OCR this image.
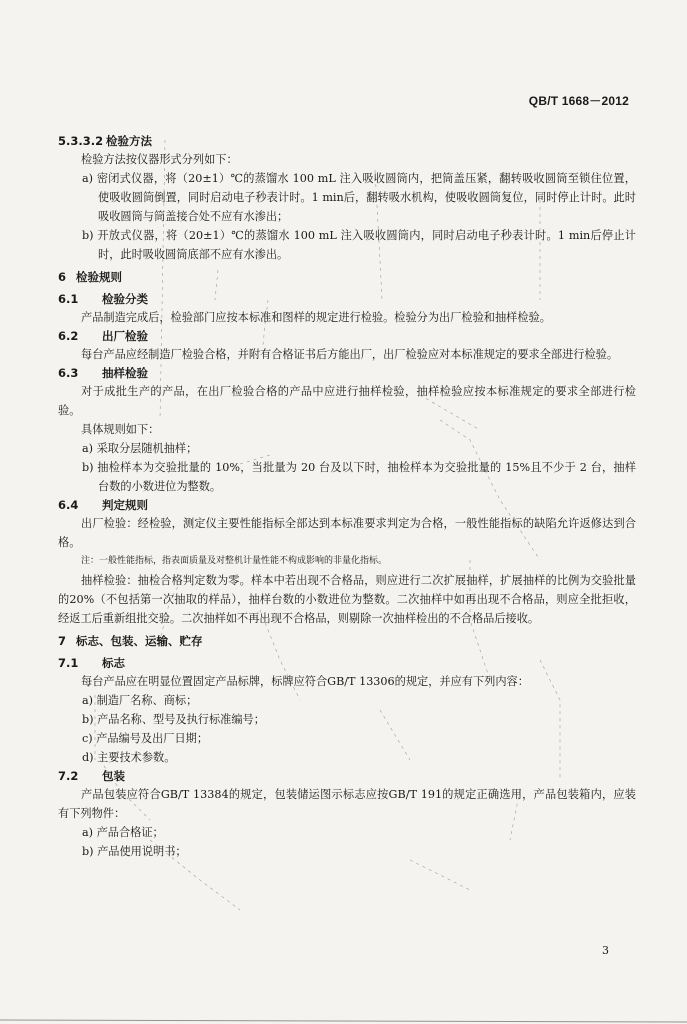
QB/T 1668－2012

5.3.3.2 检验方法

检验方法按仪器形式分列如下：

a) 密闭式仪器，将（20±1）℃的蒸馏水 100 mL 注入吸收圆筒内，把筒盖压紧，翻转吸收圆筒至锁住位置，使吸收圆筒倒置，同时启动电子秒表计时。1 min后，翻转吸水机构，使吸收圆筒复位，同时停止计时。此时吸收圆筒与筒盖接合处不应有水渗出；

b) 开放式仪器，将（20±1）℃的蒸馏水 100 mL 注入吸收圆筒内，同时启动电子秒表计时。1 min后停止计时，此时吸收圆筒底部不应有水渗出。

6 检验规则

6.1 检验分类

产品制造完成后，检验部门应按本标准和图样的规定进行检验。检验分为出厂检验和抽样检验。

6.2 出厂检验

每台产品应经制造厂检验合格，并附有合格证书后方能出厂，出厂检验应对本标准规定的要求全部进行检验。

6.3 抽样检验

对于成批生产的产品，在出厂检验合格的产品中应进行抽样检验，抽样检验应按本标准规定的要求全部进行检验。

具体规则如下：

a) 采取分层随机抽样；

b) 抽检样本为交验批量的 10%，当批量为 20 台及以下时，抽检样本为交验批量的 15%且不少于 2 台，抽样台数的小数进位为整数。

6.4 判定规则

出厂检验：经检验，测定仪主要性能指标全部达到本标准要求判定为合格，一般性能指标的缺陷允许返修达到合格。

注：一般性能指标，指表面质量及对整机计量性能不构成影响的非量化指标。

抽样检验：抽检合格判定数为零。样本中若出现不合格品，则应进行二次扩展抽样，扩展抽样的比例为交验批量的20%（不包括第一次抽取的样品），抽样台数的小数进位为整数。二次抽样中如再出现不合格品，则应全批拒收，经返工后重新组批交验。二次抽样如不再出现不合格品，则剔除一次抽样检出的不合格品后接收。

7 标志、包装、运输、贮存

7.1 标志

每台产品应在明显位置固定产品标牌，标牌应符合GB/T 13306的规定，并应有下列内容：

a) 制造厂名称、商标；

b) 产品名称、型号及执行标准编号；

c) 产品编号及出厂日期；

d) 主要技术参数。

7.2 包装

产品包装应符合GB/T 13384的规定，包装储运图示标志应按GB/T 191的规定正确选用，产品包装箱内，应装有下列物件：

a) 产品合格证；

b) 产品使用说明书；

3
